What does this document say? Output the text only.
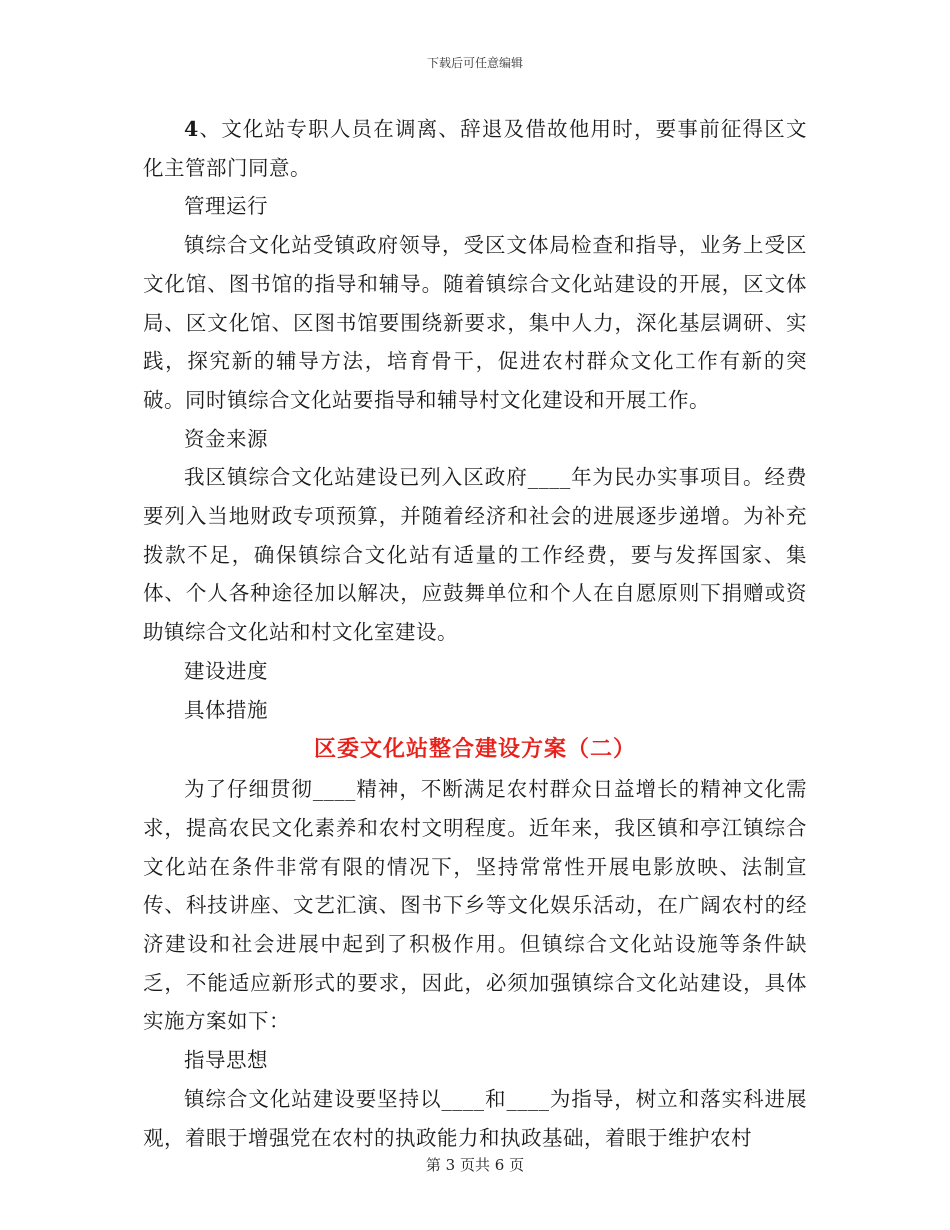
下载后可任意编辑

4、文化站专职人员在调离、辞退及借故他用时，要事前征得区文化主管部门同意。

管理运行

镇综合文化站受镇政府领导，受区文体局检查和指导，业务上受区文化馆、图书馆的指导和辅导。随着镇综合文化站建设的开展，区文体局、区文化馆、区图书馆要围绕新要求，集中人力，深化基层调研、实践，探究新的辅导方法，培育骨干，促进农村群众文化工作有新的突破。同时镇综合文化站要指导和辅导村文化建设和开展工作。

资金来源

我区镇综合文化站建设已列入区政府____年为民办实事项目。经费要列入当地财政专项预算，并随着经济和社会的进展逐步递增。为补充拨款不足，确保镇综合文化站有适量的工作经费，要与发挥国家、集体、个人各种途径加以解决，应鼓舞单位和个人在自愿原则下捐赠或资助镇综合文化站和村文化室建设。

建设进度

具体措施

区委文化站整合建设方案（二）

为了仔细贯彻____精神，不断满足农村群众日益增长的精神文化需求，提高农民文化素养和农村文明程度。近年来，我区镇和亭江镇综合文化站在条件非常有限的情况下，坚持常常性开展电影放映、法制宣传、科技讲座、文艺汇演、图书下乡等文化娱乐活动，在广阔农村的经济建设和社会进展中起到了积极作用。但镇综合文化站设施等条件缺乏，不能适应新形式的要求，因此，必须加强镇综合文化站建设，具体实施方案如下：

指导思想

镇综合文化站建设要坚持以____和____为指导，树立和落实科进展观，着眼于增强党在农村的执政能力和执政基础，着眼于维护农村

第 3 页共 6 页
